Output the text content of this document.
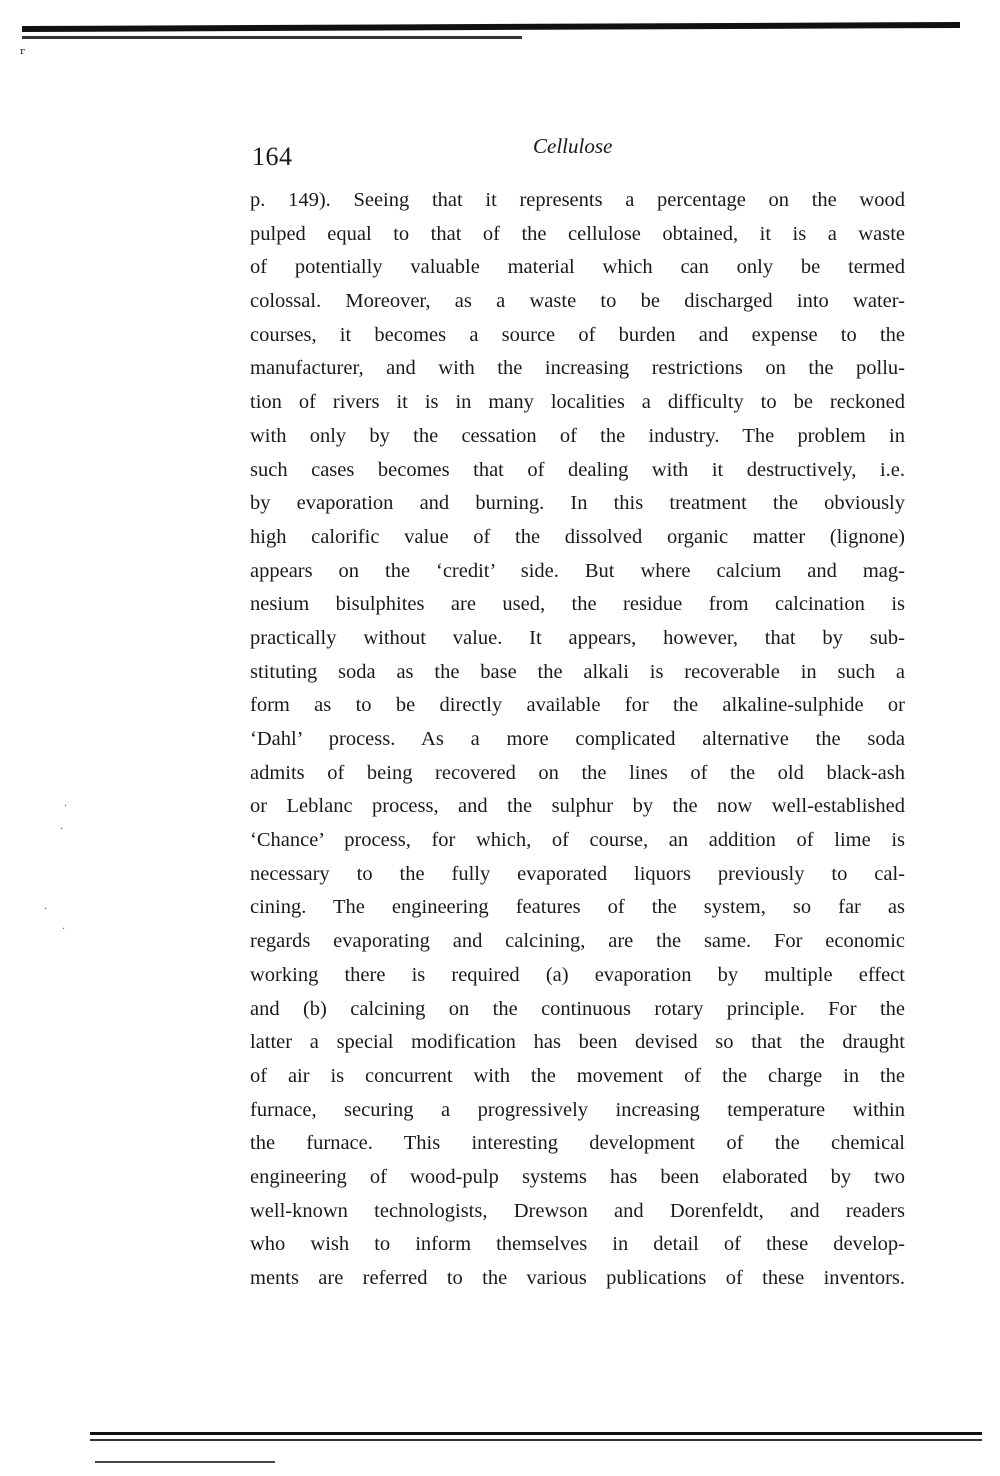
ʳ
164	Cellulose
p. 149). Seeing that it represents a percentage on the wood
pulped equal to that of the cellulose obtained, it is a waste
of potentially valuable material which can only be termed
colossal. Moreover, as a waste to be discharged into water-
courses, it becomes a source of burden and expense to the
manufacturer, and with the increasing restrictions on the pollu-
tion of rivers it is in many localities a difficulty to be reckoned
with only by the cessation of the industry. The problem in
such cases becomes that of dealing with it destructively, i.e.
by evaporation and burning. In this treatment the obviously
high calorific value of the dissolved organic matter (lignone)
appears on the ‘credit’ side. But where calcium and mag-
nesium bisulphites are used, the residue from calcination is
practically without value. It appears, however, that by sub-
stituting soda as the base the alkali is recoverable in such a
form as to be directly available for the alkaline-sulphide or
‘Dahl’ process. As a more complicated alternative the soda
admits of being recovered on the lines of the old black-ash
or Leblanc process, and the sulphur by the now well-established
‘Chance’ process, for which, of course, an addition of lime is
necessary to the fully evaporated liquors previously to cal-
cining. The engineering features of the system, so far as
regards evaporating and calcining, are the same. For economic
working there is required (a) evaporation by multiple effect
and (b) calcining on the continuous rotary principle. For the
latter a special modification has been devised so that the draught
of air is concurrent with the movement of the charge in the
furnace, securing a progressively increasing temperature within
the furnace. This interesting development of the chemical
engineering of wood-pulp systems has been elaborated by two
well-known technologists, Drewson and Dorenfeldt, and readers
who wish to inform themselves in detail of these develop-
ments are referred to the various publications of these inventors.
·
·
·
·
